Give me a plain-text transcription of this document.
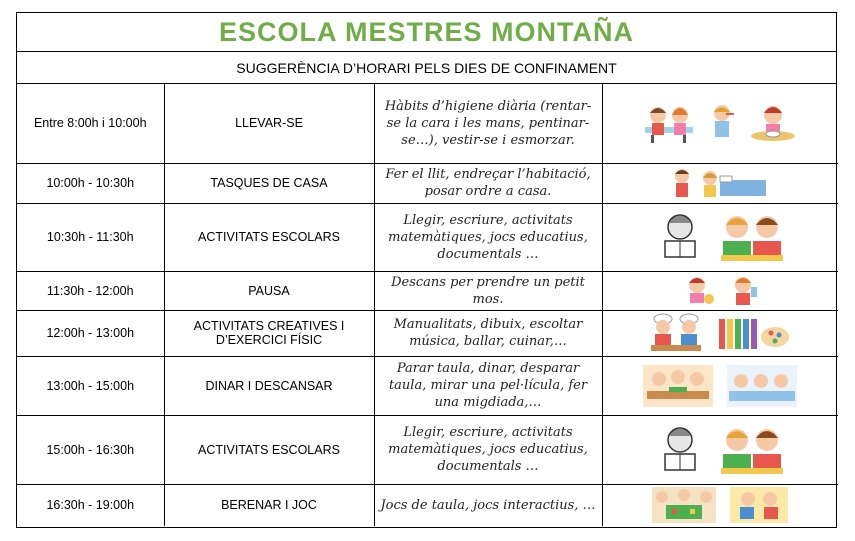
ESCOLA MESTRES MONTAÑA
SUGGERÈNCIA D’HORARI PELS DIES DE CONFINAMENT
Entre 8:00h i 10:00h	LLEVAR-SE	Hàbits d’higiene diària (rentar-se la cara i les mans, pentinar-se…), vestir-se i esmorzar.	

10:00h - 10:30h	TASQUES DE CASA	Fer el llit, endreçar l’habitació, posar ordre a casa.	

10:30h - 11:30h	ACTIVITATS ESCOLARS	Llegir, escriure, activitats matemàtiques, jocs educatius, documentals …	

11:30h - 12:00h	PAUSA	Descans per prendre un petit mos.	

12:00h - 13:00h	ACTIVITATS CREATIVES I D’EXERCICI FÍSIC	Manualitats, dibuix, escoltar música, ballar, cuinar,…	

13:00h - 15:00h	DINAR I DESCANSAR	Parar taula, dinar, desparar taula, mirar una pel·lícula, fer una migdiada,…	

15:00h - 16:30h	ACTIVITATS ESCOLARS	Llegir, escriure, activitats matemàtiques, jocs educatius, documentals …	

16:30h - 19:00h	BERENAR I JOC	Jocs de taula, jocs interactius, …	
